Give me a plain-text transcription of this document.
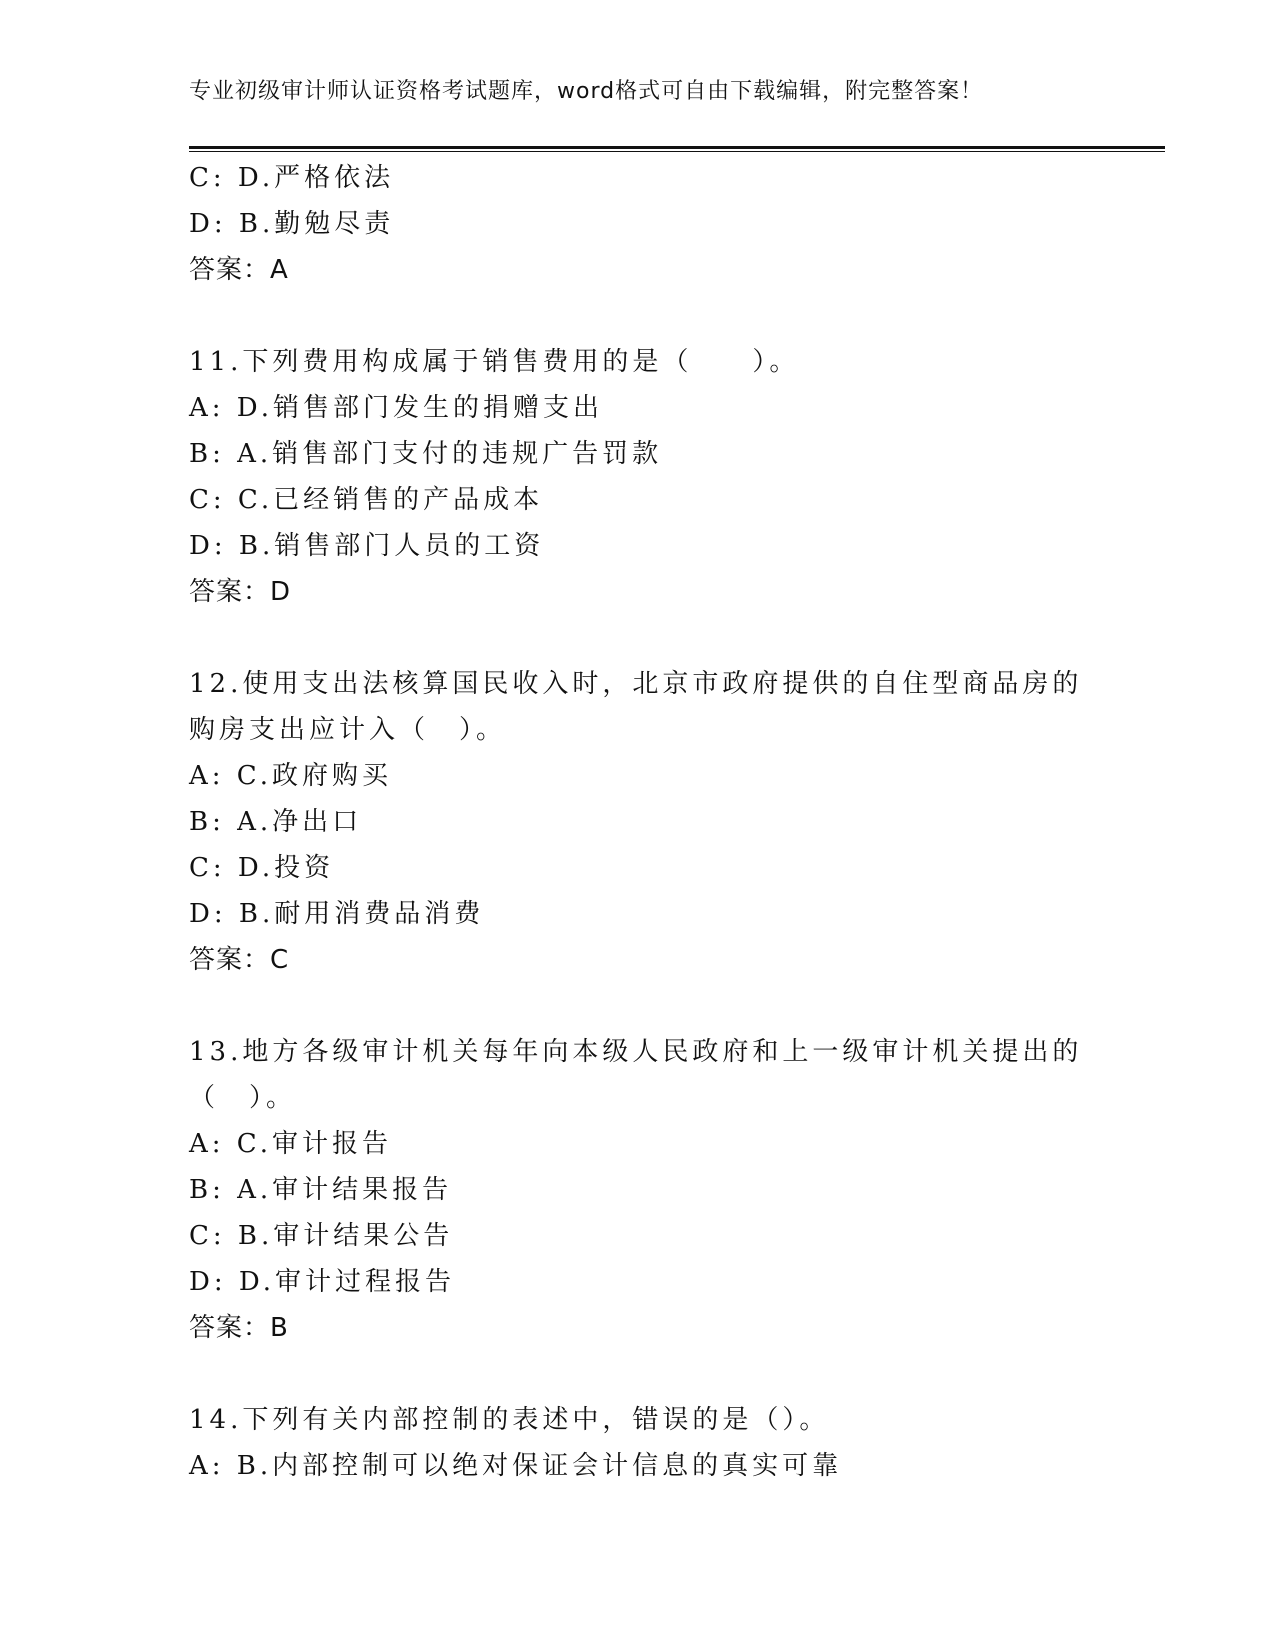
专业初级审计师认证资格考试题库，word格式可自由下载编辑，附完整答案！
C: D.严格依法
D: B.勤勉尽责
答案：A
11.下列费用构成属于销售费用的是（　　）。
A: D.销售部门发生的捐赠支出
B: A.销售部门支付的违规广告罚款
C: C.已经销售的产品成本
D: B.销售部门人员的工资
答案：D
12.使用支出法核算国民收入时，北京市政府提供的自住型商品房的购房支出应计入（　）。
A: C.政府购买
B: A.净出口
C: D.投资
D: B.耐用消费品消费
答案：C
13.地方各级审计机关每年向本级人民政府和上一级审计机关提出的（　）。
A: C.审计报告
B: A.审计结果报告
C: B.审计结果公告
D: D.审计过程报告
答案：B
14.下列有关内部控制的表述中，错误的是（）。
A: B.内部控制可以绝对保证会计信息的真实可靠
